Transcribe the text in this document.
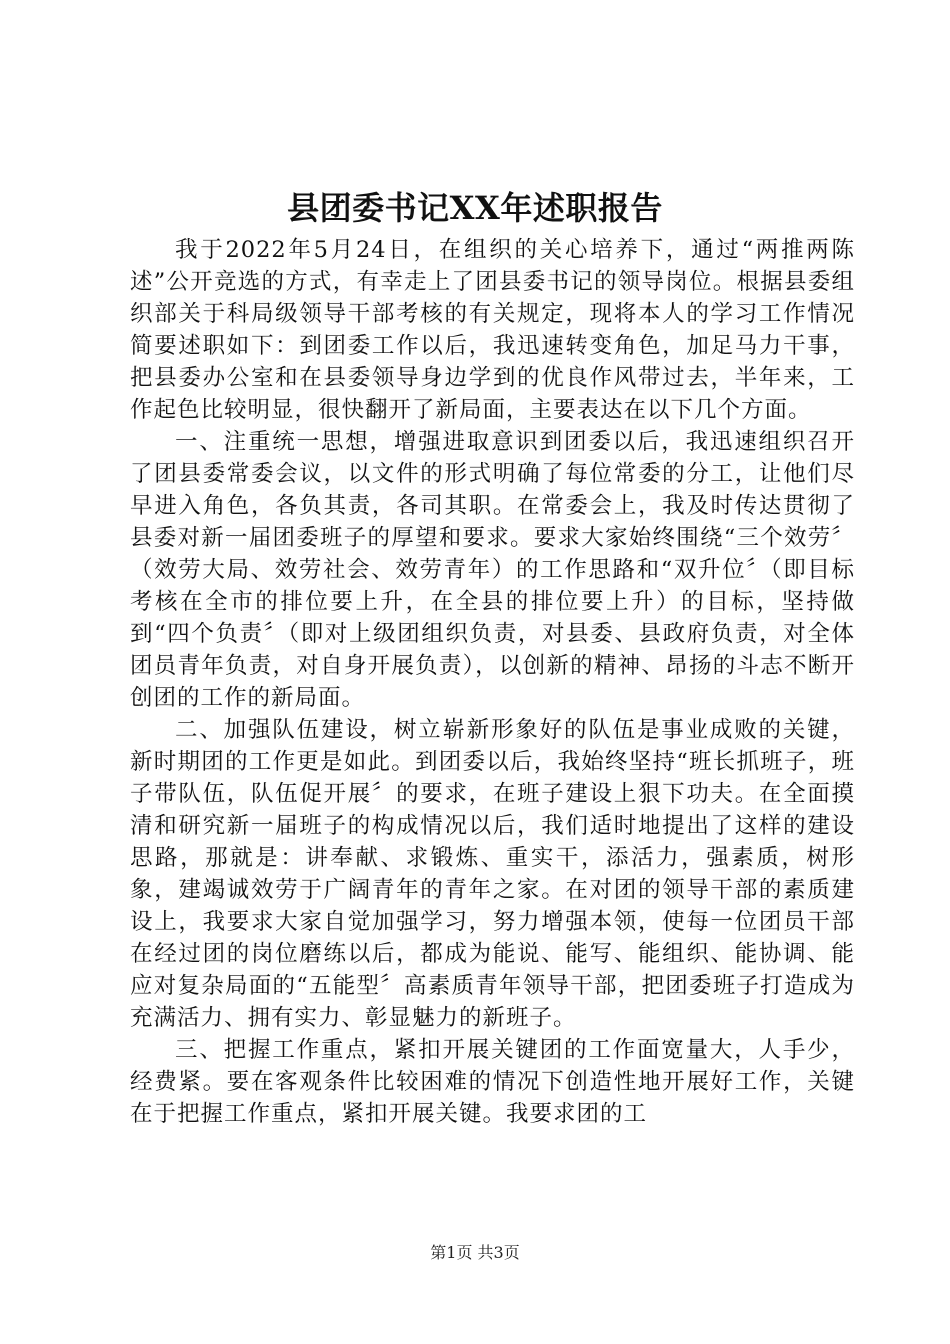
县团委书记XX年述职报告

我于2022年5月24日，在组织的关心培养下，通过“两推两陈述”公开竞选的方式，有幸走上了团县委书记的领导岗位。根据县委组织部关于科局级领导干部考核的有关规定，现将本人的学习工作情况简要述职如下：到团委工作以后，我迅速转变角色，加足马力干事，把县委办公室和在县委领导身边学到的优良作风带过去，半年来，工作起色比较明显，很快翻开了新局面，主要表达在以下几个方面。

一、注重统一思想，增强进取意识到团委以后，我迅速组织召开了团县委常委会议，以文件的形式明确了每位常委的分工，让他们尽早进入角色，各负其责，各司其职。在常委会上，我及时传达贯彻了县委对新一届团委班子的厚望和要求。要求大家始终围绕“三个效劳〞（效劳大局、效劳社会、效劳青年）的工作思路和“双升位〞（即目标考核在全市的排位要上升，在全县的排位要上升）的目标，坚持做到“四个负责〞（即对上级团组织负责，对县委、县政府负责，对全体团员青年负责，对自身开展负责），以创新的精神、昂扬的斗志不断开创团的工作的新局面。

二、加强队伍建设，树立崭新形象好的队伍是事业成败的关键，新时期团的工作更是如此。到团委以后，我始终坚持“班长抓班子，班子带队伍，队伍促开展〞的要求，在班子建设上狠下功夫。在全面摸清和研究新一届班子的构成情况以后，我们适时地提出了这样的建设思路，那就是：讲奉献、求锻炼、重实干，添活力，强素质，树形象，建竭诚效劳于广阔青年的青年之家。在对团的领导干部的素质建设上，我要求大家自觉加强学习，努力增强本领，使每一位团员干部在经过团的岗位磨练以后，都成为能说、能写、能组织、能协调、能应对复杂局面的“五能型〞高素质青年领导干部，把团委班子打造成为充满活力、拥有实力、彰显魅力的新班子。

三、把握工作重点，紧扣开展关键团的工作面宽量大，人手少，经费紧。要在客观条件比较困难的情况下创造性地开展好工作，关键在于把握工作重点，紧扣开展关键。我要求团的工

第1页 共3页
